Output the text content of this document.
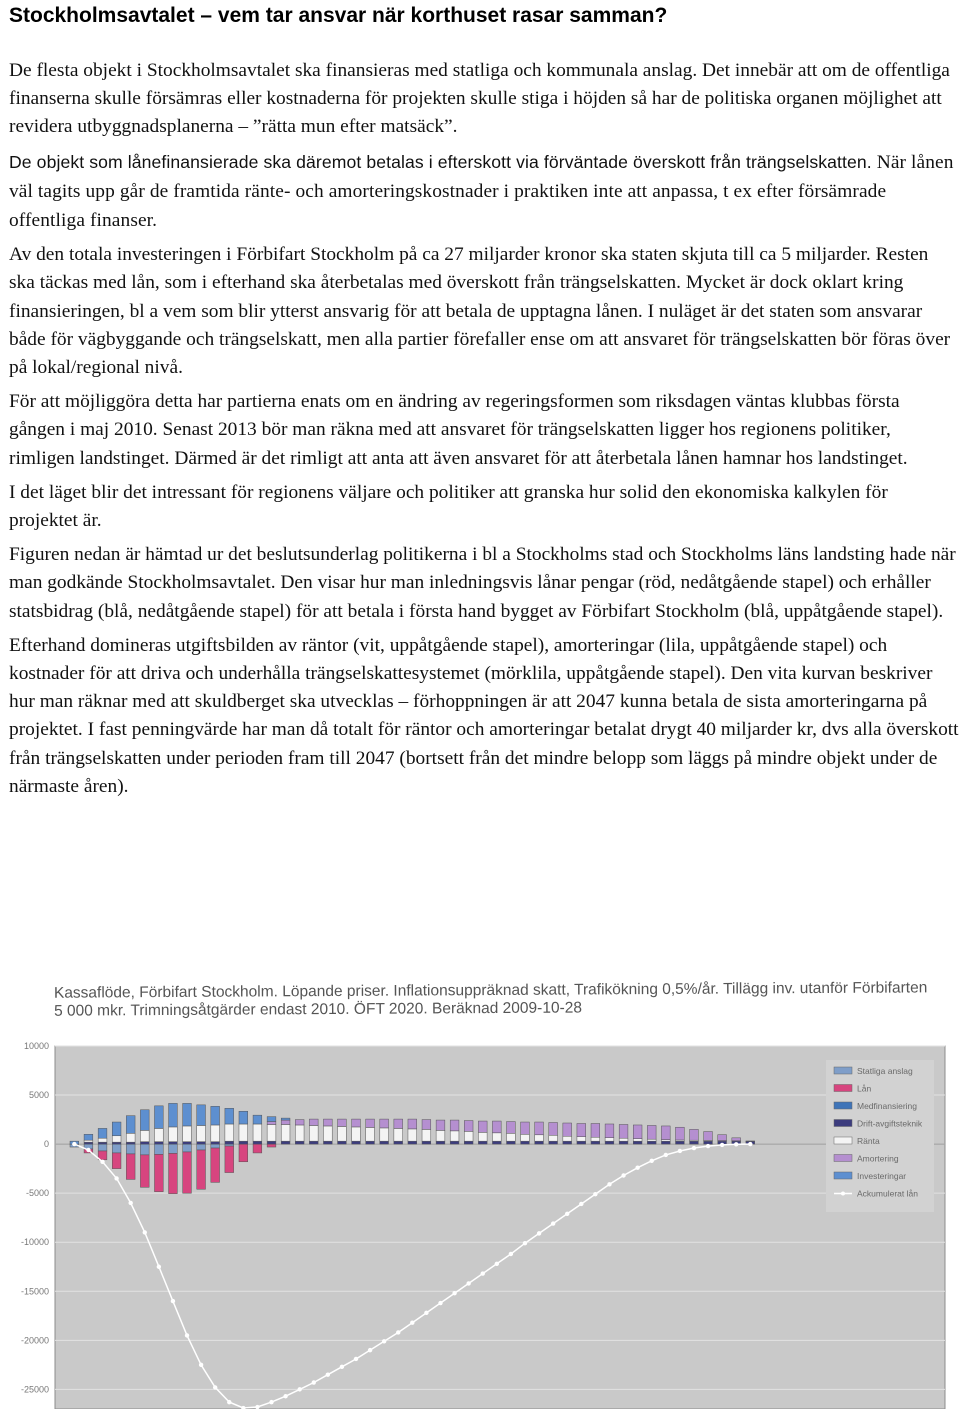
Stockholmsavtalet – vem tar ansvar när korthuset rasar samman?

De flesta objekt i Stockholmsavtalet ska finansieras med statliga och kommunala anslag. Det innebär att om de offentliga finanserna skulle försämras eller kostnaderna för projekten skulle stiga i höjden så har de politiska organen möjlighet att revidera utbyggnadsplanerna – ”rätta mun efter matsäck”.

De objekt som lånefinansierade ska däremot betalas i efterskott via förväntade överskott från trängselskatten. När lånen väl tagits upp går de framtida ränte- och amorteringskostnader i praktiken inte att anpassa, t ex efter försämrade offentliga finanser.

Av den totala investeringen i Förbifart Stockholm på ca 27 miljarder kronor ska staten skjuta till ca 5 miljarder. Resten ska täckas med lån, som i efterhand ska återbetalas med överskott från trängselskatten. Mycket är dock oklart kring finansieringen, bl a vem som blir ytterst ansvarig för att betala de upptagna lånen. I nuläget är det staten som ansvarar både för vägbyggande och trängselskatt, men alla partier förefaller ense om att ansvaret för trängselskatten bör föras över på lokal/regional nivå.

För att möjliggöra detta har partierna enats om en ändring av regeringsformen som riksdagen väntas klubbas första gången i maj 2010. Senast 2013 bör man räkna med att ansvaret för trängselskatten ligger hos regionens politiker, rimligen landstinget. Därmed är det rimligt att anta att även ansvaret för att återbetala lånen hamnar hos landstinget.

I det läget blir det intressant för regionens väljare och politiker att granska hur solid den ekonomiska kalkylen för projektet är.

Figuren nedan är hämtad ur det beslutsunderlag politikerna i bl a Stockholms stad och Stockholms läns landsting hade när man godkände Stockholmsavtalet. Den visar hur man inledningsvis lånar pengar (röd, nedåtgående stapel) och erhåller statsbidrag (blå, nedåtgående stapel) för att betala i första hand bygget av Förbifart Stockholm (blå, uppåtgående stapel).

Efterhand domineras utgiftsbilden av räntor (vit, uppåtgående stapel), amorteringar (lila, uppåtgående stapel) och kostnader för att driva och underhålla trängselskattesystemet (mörklila, uppåtgående stapel). Den vita kurvan beskriver hur man räknar med att skuldberget ska utvecklas – förhoppningen är att 2047 kunna betala de sista amorteringarna på projektet. I fast penningvärde har man då totalt för räntor och amorteringar betalat drygt 40 miljarder kr, dvs alla överskott från trängselskatten under perioden fram till 2047 (bortsett från det mindre belopp som läggs på mindre objekt under de närmaste åren).

Kassaflöde, Förbifart Stockholm. Löpande priser. Inflationsuppräknad skatt, Trafikökning 0,5%/år. Tillägg inv. utanför Förbifarten 5 000 mkr. Trimningsåtgärder endast 2010. ÖFT 2020. Beräknad 2009-10-28
10000
5000
0
-5000
-10000
-15000
-20000
-25000
Statliga anslag
Lån
Medfinansiering
Drift-avgiftsteknik
Ränta
Amortering
Investeringar
Ackumulerat lån
